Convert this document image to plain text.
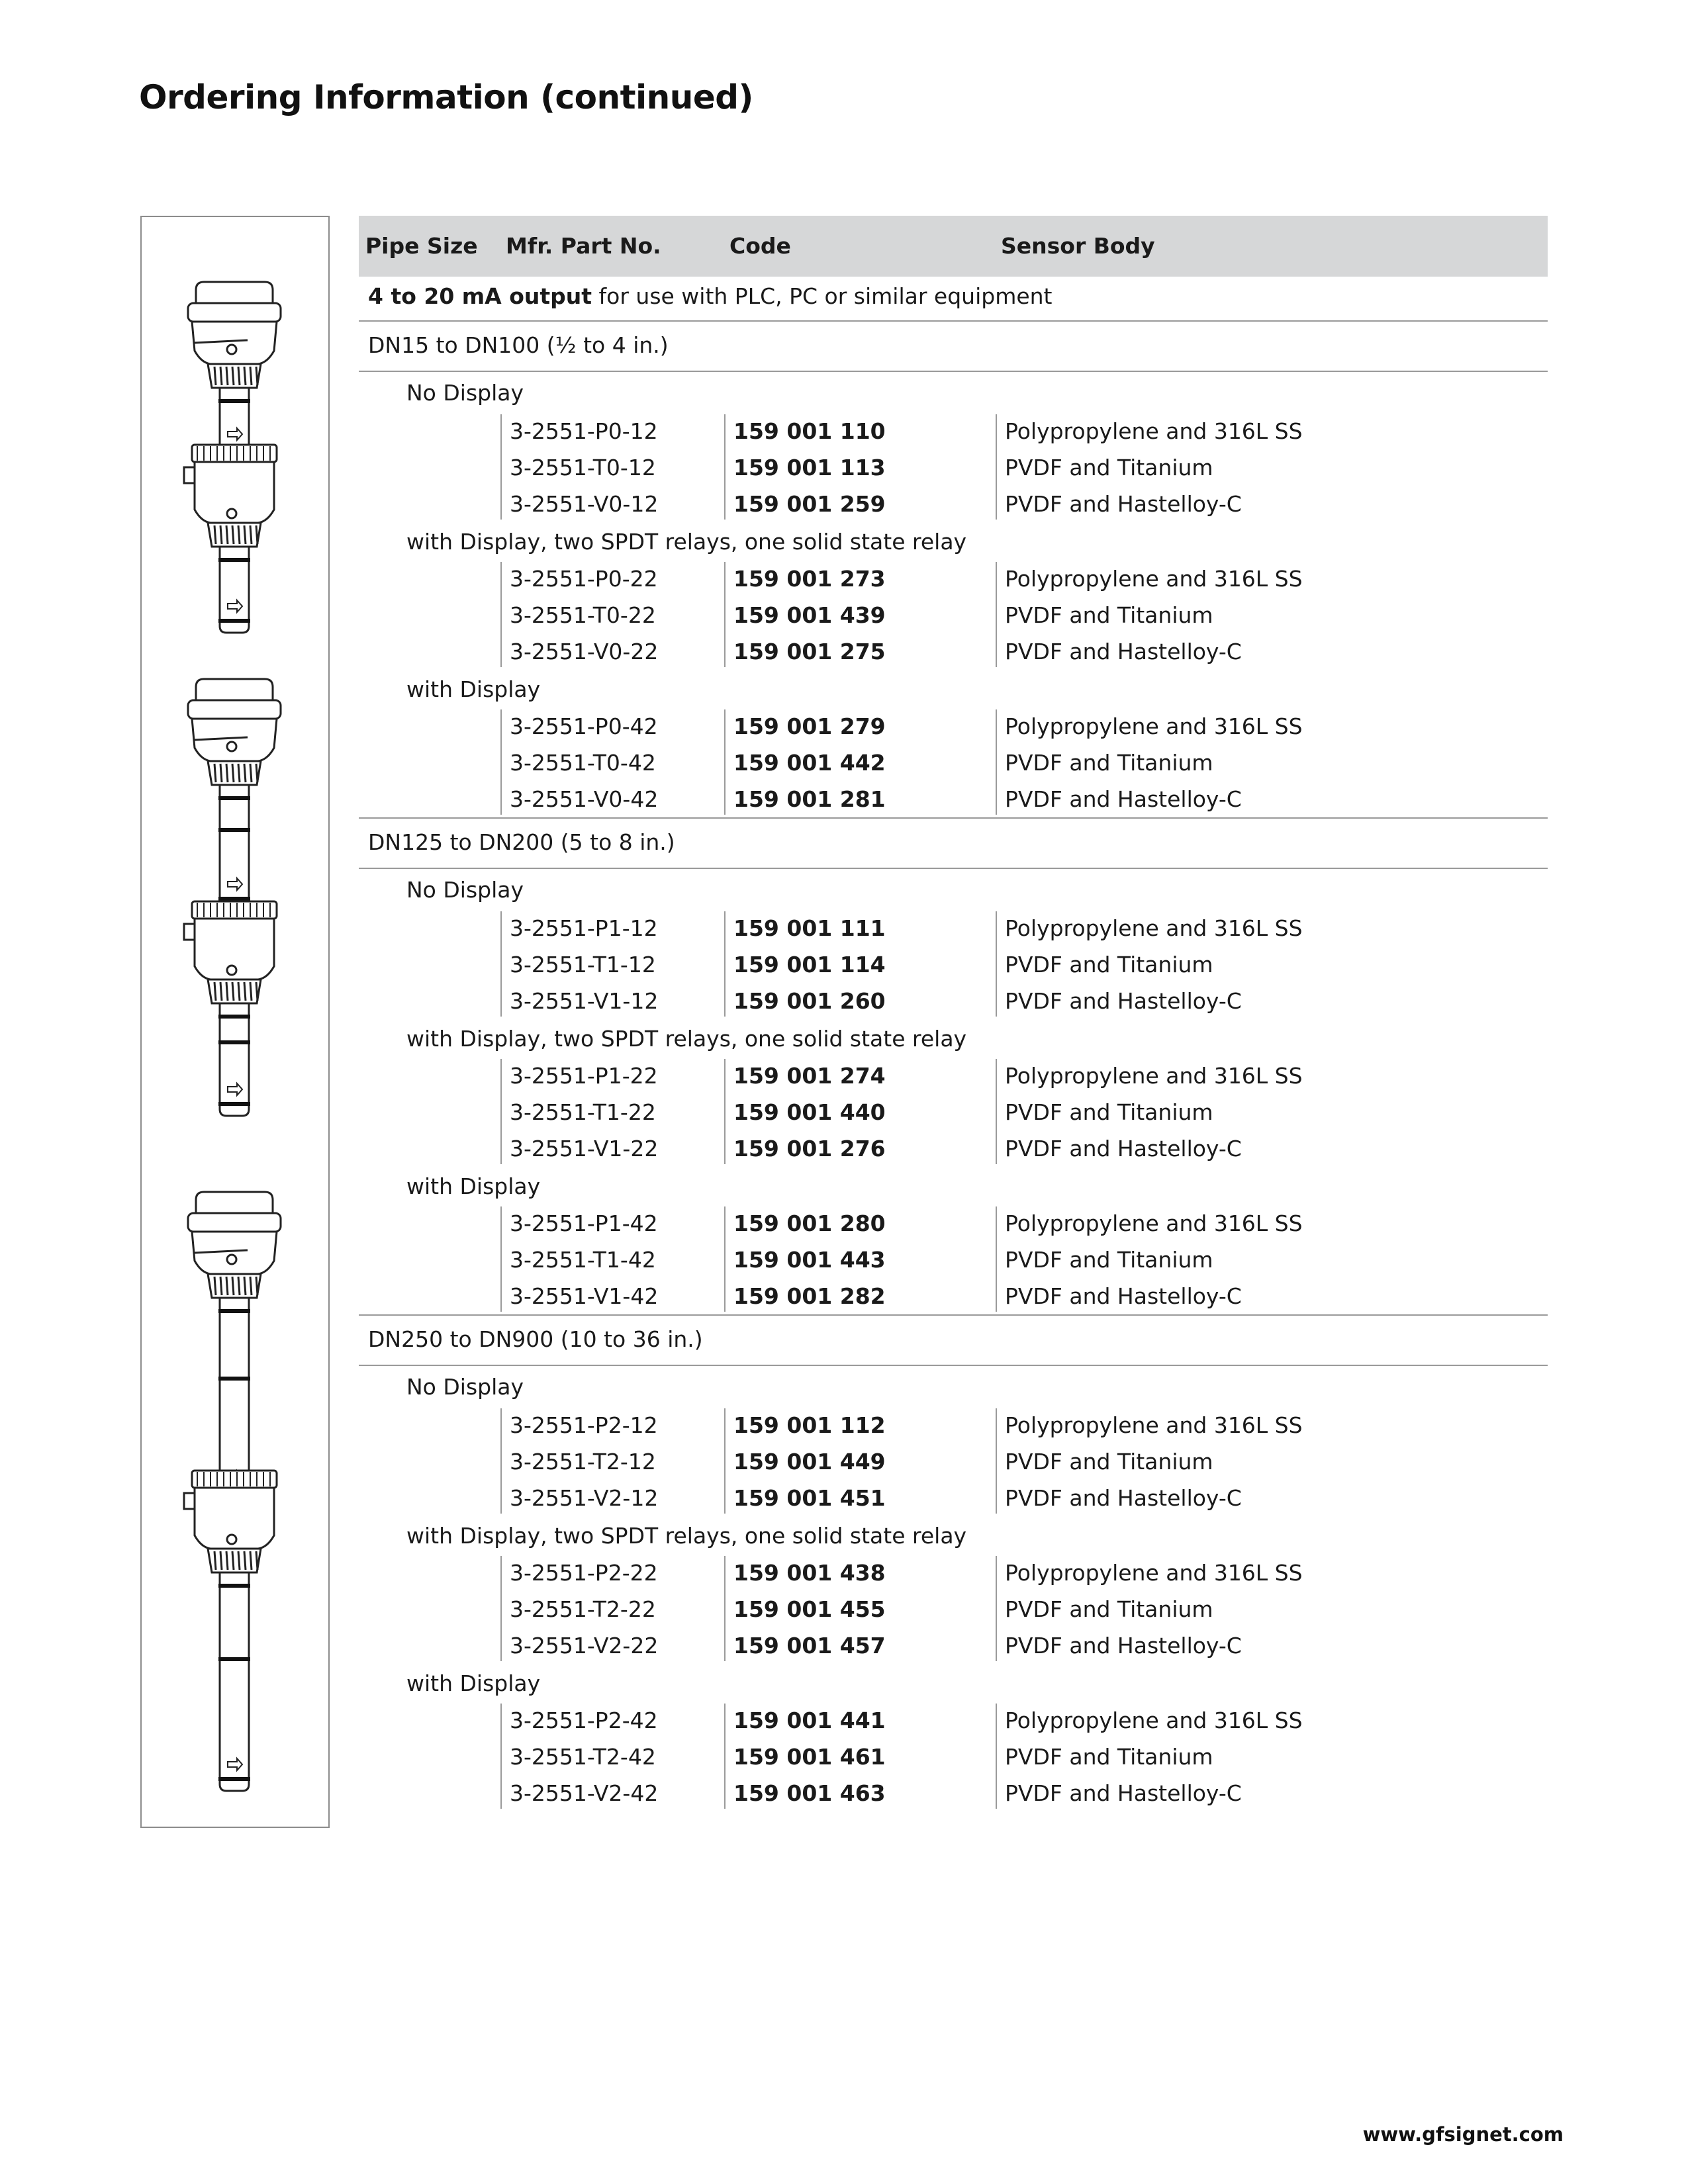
Ordering Information (continued)
Pipe Size Mfr. Part No.	Code	Sensor Body
4 to 20 mA output for use with PLC, PC or similar equipment
DN15 to DN100 (½ to 4 in.)
No Display
3-2551-P0-12	159 001 110	Polypropylene and 316L SS
3-2551-T0-12	159 001 113	PVDF and Titanium
3-2551-V0-12	159 001 259	PVDF and Hastelloy-C
with Display, two SPDT relays, one solid state relay
3-2551-P0-22	159 001 273	Polypropylene and 316L SS
3-2551-T0-22	159 001 439	PVDF and Titanium
3-2551-V0-22	159 001 275	PVDF and Hastelloy-C
with Display
3-2551-P0-42	159 001 279	Polypropylene and 316L SS
3-2551-T0-42	159 001 442	PVDF and Titanium
3-2551-V0-42	159 001 281	PVDF and Hastelloy-C
DN125 to DN200 (5 to 8 in.)
No Display
3-2551-P1-12	159 001 111	Polypropylene and 316L SS
3-2551-T1-12	159 001 114	PVDF and Titanium
3-2551-V1-12	159 001 260	PVDF and Hastelloy-C
with Display, two SPDT relays, one solid state relay
3-2551-P1-22	159 001 274	Polypropylene and 316L SS
3-2551-T1-22	159 001 440	PVDF and Titanium
3-2551-V1-22	159 001 276	PVDF and Hastelloy-C
with Display
3-2551-P1-42	159 001 280	Polypropylene and 316L SS
3-2551-T1-42	159 001 443	PVDF and Titanium
3-2551-V1-42	159 001 282	PVDF and Hastelloy-C
DN250 to DN900 (10 to 36 in.)
No Display
3-2551-P2-12	159 001 112	Polypropylene and 316L SS
3-2551-T2-12	159 001 449	PVDF and Titanium
3-2551-V2-12	159 001 451	PVDF and Hastelloy-C
with Display, two SPDT relays, one solid state relay
3-2551-P2-22	159 001 438	Polypropylene and 316L SS
3-2551-T2-22	159 001 455	PVDF and Titanium
3-2551-V2-22	159 001 457	PVDF and Hastelloy-C
with Display
3-2551-P2-42	159 001 441	Polypropylene and 316L SS
3-2551-T2-42	159 001 461	PVDF and Titanium
3-2551-V2-42	159 001 463	PVDF and Hastelloy-C
www.gfsignet.com
